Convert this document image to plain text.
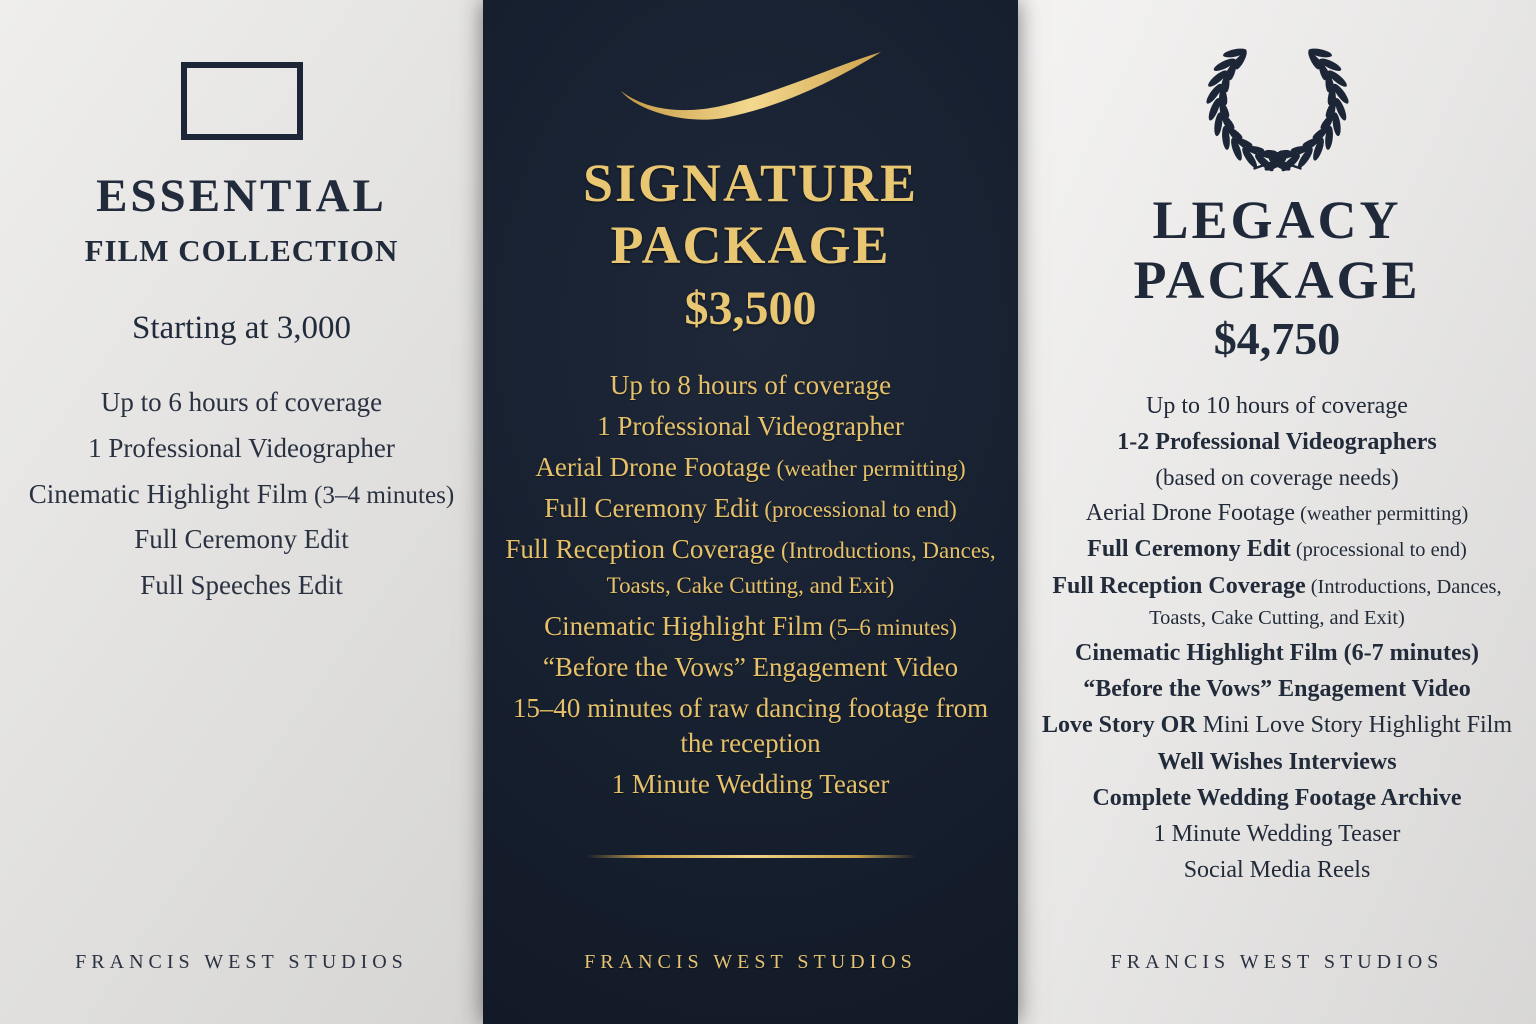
ESSENTIAL
FILM COLLECTION
Starting at 3,000

Up to 6 hours of coverage

1 Professional Videographer

Cinematic Highlight Film (3–4 minutes)

Full Ceremony Edit

Full Speeches Edit

FRANCIS WEST STUDIOS
SIGNATURE
PACKAGE
$3,500

Up to 8 hours of coverage

1 Professional Videographer

Aerial Drone Footage (weather permitting)

Full Ceremony Edit (processional to end)

Full Reception Coverage (Introductions, Dances, Toasts, Cake Cutting, and Exit)

Cinematic Highlight Film (5–6 minutes)

“Before the Vows” Engagement Video

15–40 minutes of raw dancing footage from the reception

1 Minute Wedding Teaser

FRANCIS WEST STUDIOS
LEGACY
PACKAGE
$4,750

Up to 10 hours of coverage

1-2 Professional Videographers

(based on coverage needs)

Aerial Drone Footage (weather permitting)

Full Ceremony Edit (processional to end)

Full Reception Coverage (Introductions, Dances, Toasts, Cake Cutting, and Exit)

Cinematic Highlight Film (6-7 minutes)

“Before the Vows” Engagement Video

Love Story OR Mini Love Story Highlight Film

Well Wishes Interviews

Complete Wedding Footage Archive

1 Minute Wedding Teaser

Social Media Reels

FRANCIS WEST STUDIOS
